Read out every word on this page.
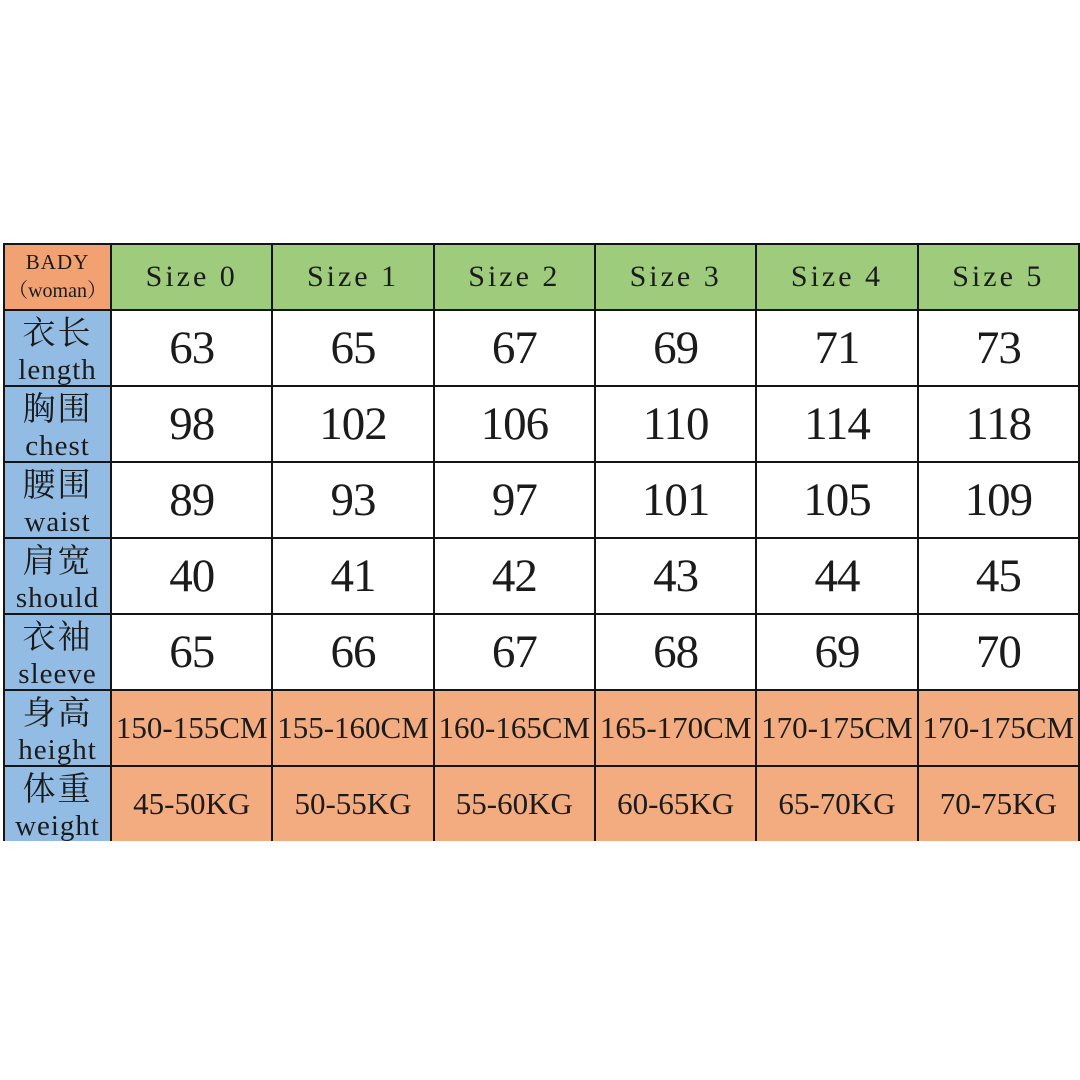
BADY
（woman）	Size 0	Size 1	Size 2	Size 3	Size 4	Size 5

衣长
length	63	65	67	69	71	73

胸围
chest	98	102	106	110	114	118

腰围
waist	89	93	97	101	105	109

肩宽
should	40	41	42	43	44	45

衣袖
sleeve	65	66	67	68	69	70

身高
height	150-155CM	155-160CM	160-165CM	165-170CM	170-175CM	170-175CM

体重
weight	45-50KG	50-55KG	55-60KG	60-65KG	65-70KG	70-75KG
